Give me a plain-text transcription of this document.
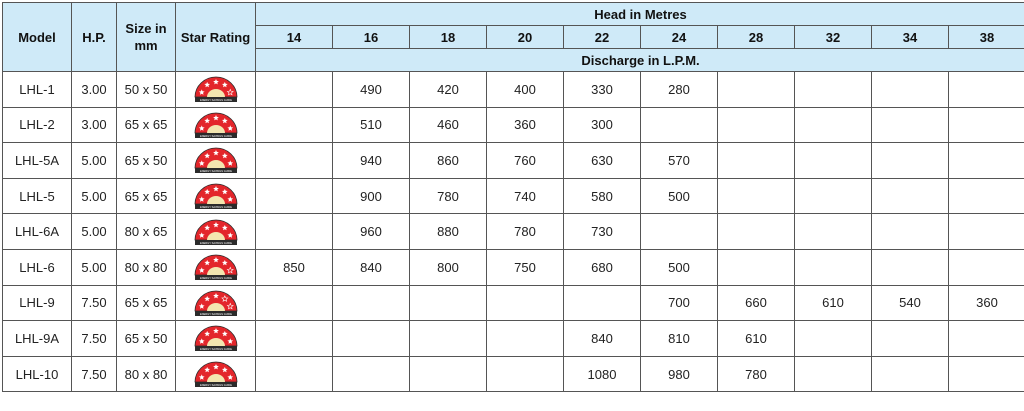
Model	H.P.	Size in mm	Star Rating	Head in Metres									
				14	16	18	20	22	24	28	32	34	38
				Discharge in L.P.M.									
LHL-1	3.00	50 x 50	ENERGY SAVINGS GUIDE		490	420	400	330	280				
LHL-2	3.00	65 x 65	ENERGY SAVINGS GUIDE		510	460	360	300					
LHL-5A	5.00	65 x 50	ENERGY SAVINGS GUIDE		940	860	760	630	570				
LHL-5	5.00	65 x 65	ENERGY SAVINGS GUIDE		900	780	740	580	500				
LHL-6A	5.00	80 x 65	ENERGY SAVINGS GUIDE		960	880	780	730					
LHL-6	5.00	80 x 80	ENERGY SAVINGS GUIDE	850	840	800	750	680	500				
LHL-9	7.50	65 x 65	ENERGY SAVINGS GUIDE						700	660	610	540	360
LHL-9A	7.50	65 x 50	ENERGY SAVINGS GUIDE					840	810	610			
LHL-10	7.50	80 x 80	ENERGY SAVINGS GUIDE					1080	980	780			
